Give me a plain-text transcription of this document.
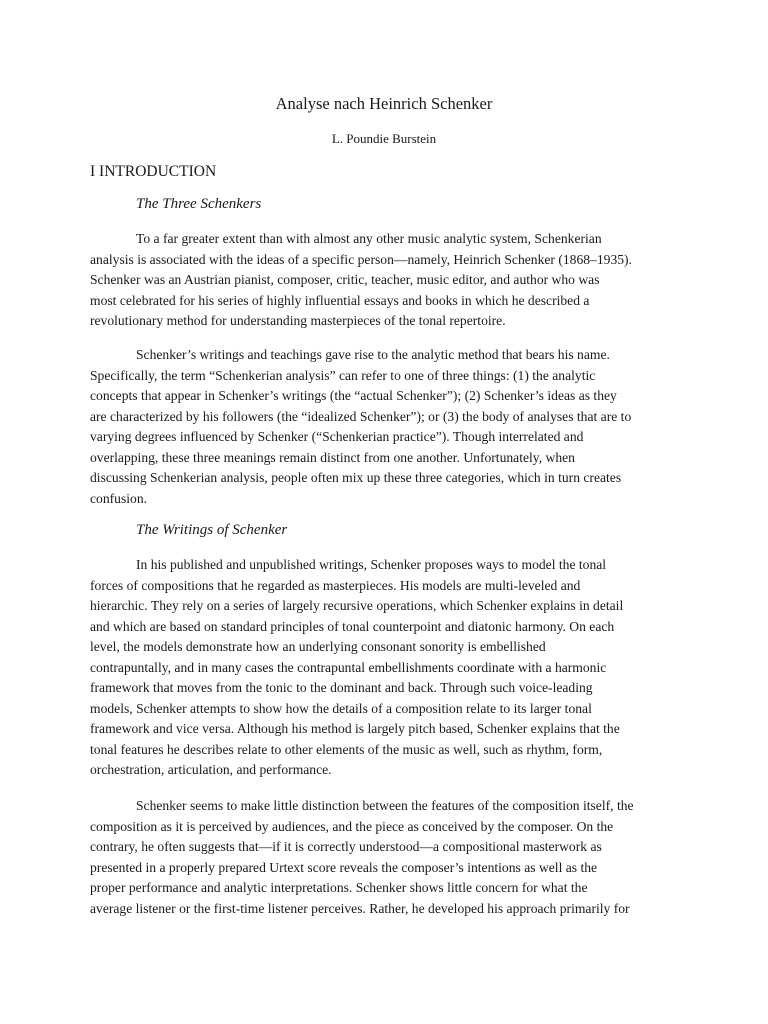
Analyse nach Heinrich Schenker

L. Poundie Burstein

I INTRODUCTION
The Three Schenkers
To a far greater extent than with almost any other music analytic system, Schenkerian
analysis is associated with the ideas of a specific person—namely, Heinrich Schenker (1868–1935).
Schenker was an Austrian pianist, composer, critic, teacher, music editor, and author who was
most celebrated for his series of highly influential essays and books in which he described a
revolutionary method for understanding masterpieces of the tonal repertoire.
Schenker’s writings and teachings gave rise to the analytic method that bears his name.
Specifically, the term “Schenkerian analysis” can refer to one of three things: (1) the analytic
concepts that appear in Schenker’s writings (the “actual Schenker”); (2) Schenker’s ideas as they
are characterized by his followers (the “idealized Schenker”); or (3) the body of analyses that are to
varying degrees influenced by Schenker (“Schenkerian practice”). Though interrelated and
overlapping, these three meanings remain distinct from one another. Unfortunately, when
discussing Schenkerian analysis, people often mix up these three categories, which in turn creates
confusion.
The Writings of Schenker
In his published and unpublished writings, Schenker proposes ways to model the tonal
forces of compositions that he regarded as masterpieces. His models are multi-leveled and
hierarchic. They rely on a series of largely recursive operations, which Schenker explains in detail
and which are based on standard principles of tonal counterpoint and diatonic harmony. On each
level, the models demonstrate how an underlying consonant sonority is embellished
contrapuntally, and in many cases the contrapuntal embellishments coordinate with a harmonic
framework that moves from the tonic to the dominant and back. Through such voice-leading
models, Schenker attempts to show how the details of a composition relate to its larger tonal
framework and vice versa. Although his method is largely pitch based, Schenker explains that the
tonal features he describes relate to other elements of the music as well, such as rhythm, form,
orchestration, articulation, and performance.
Schenker seems to make little distinction between the features of the composition itself, the
composition as it is perceived by audiences, and the piece as conceived by the composer. On the
contrary, he often suggests that—if it is correctly understood—a compositional masterwork as
presented in a properly prepared Urtext score reveals the composer’s intentions as well as the
proper performance and analytic interpretations. Schenker shows little concern for what the
average listener or the first-time listener perceives. Rather, he developed his approach primarily for
